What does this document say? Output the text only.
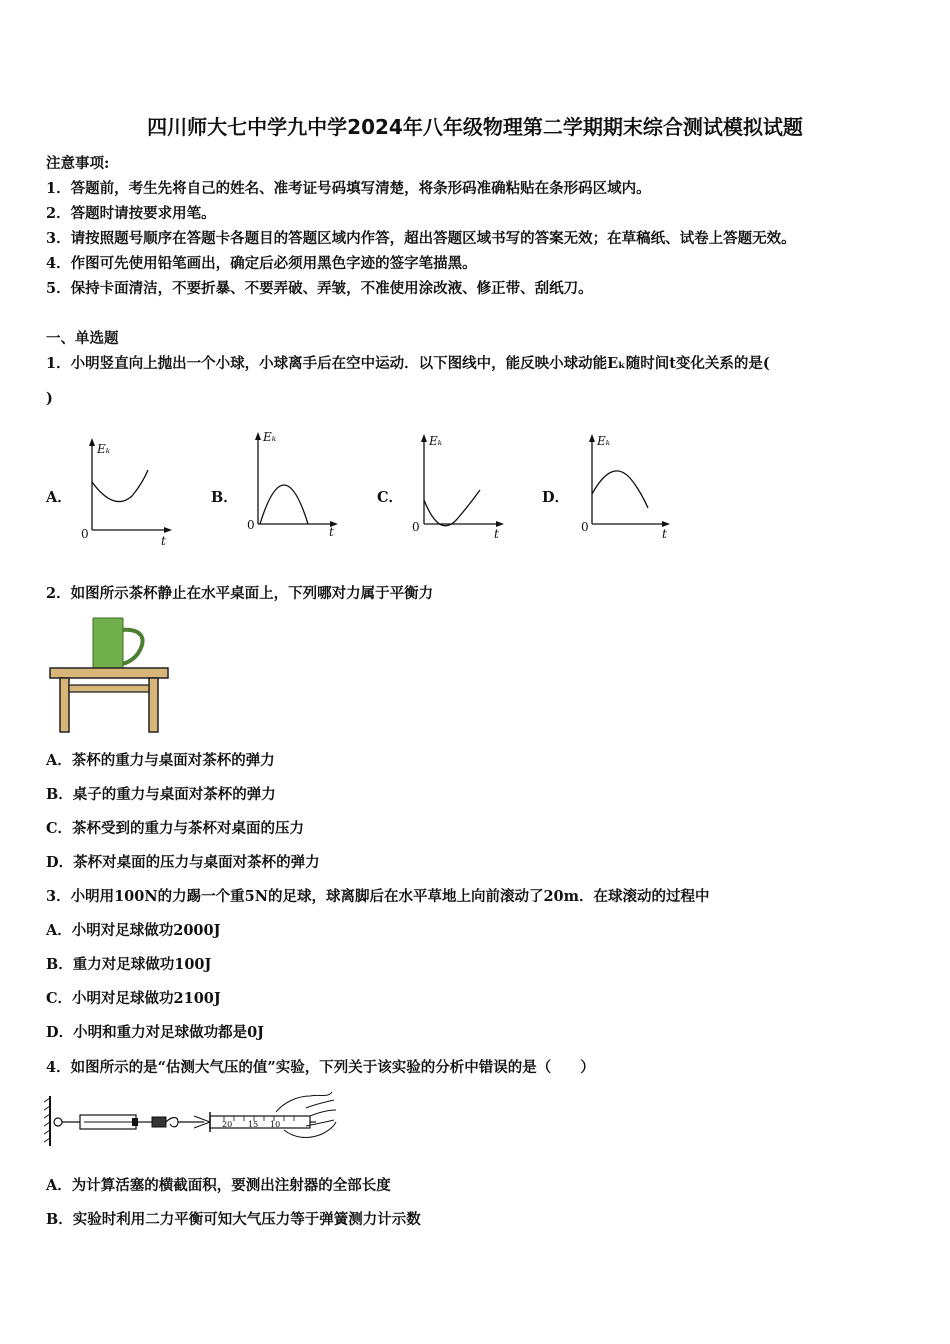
四川师大七中学九中学2024年八年级物理第二学期期末综合测试模拟试题
注意事项:
1．答题前，考生先将自己的姓名、准考证号码填写清楚，将条形码准确粘贴在条形码区域内。
2．答题时请按要求用笔。
3．请按照题号顺序在答题卡各题目的答题区域内作答，超出答题区域书写的答案无效；在草稿纸、试卷上答题无效。
4．作图可先使用铅笔画出，确定后必须用黑色字迹的签字笔描黑。
5．保持卡面清洁，不要折暴、不要弄破、弄皱，不准使用涂改液、修正带、刮纸刀。
一、单选题
1．小明竖直向上抛出一个小球，小球离手后在空中运动．以下图线中，能反映小球动能Eₖ随时间t变化关系的是(
)
A．	B．	C．	D．
Eₖ
0	t
Eₖ
0	t
Eₖ
0	t
Eₖ
0	t
2．如图所示茶杯静止在水平桌面上，下列哪对力属于平衡力
A．茶杯的重力与桌面对茶杯的弹力
B．桌子的重力与桌面对茶杯的弹力
C．茶杯受到的重力与茶杯对桌面的压力
D．茶杯对桌面的压力与桌面对茶杯的弹力
3．小明用100N的力踢一个重5N的足球，球离脚后在水平草地上向前滚动了20m．在球滚动的过程中
A．小明对足球做功2000J
B．重力对足球做功100J
C．小明对足球做功2100J
D．小明和重力对足球做功都是0J
4．如图所示的是“估测大气压的值”实验，下列关于该实验的分析中错误的是（　　）
20 15 10
A．为计算活塞的横截面积，要测出注射器的全部长度
B．实验时利用二力平衡可知大气压力等于弹簧测力计示数
